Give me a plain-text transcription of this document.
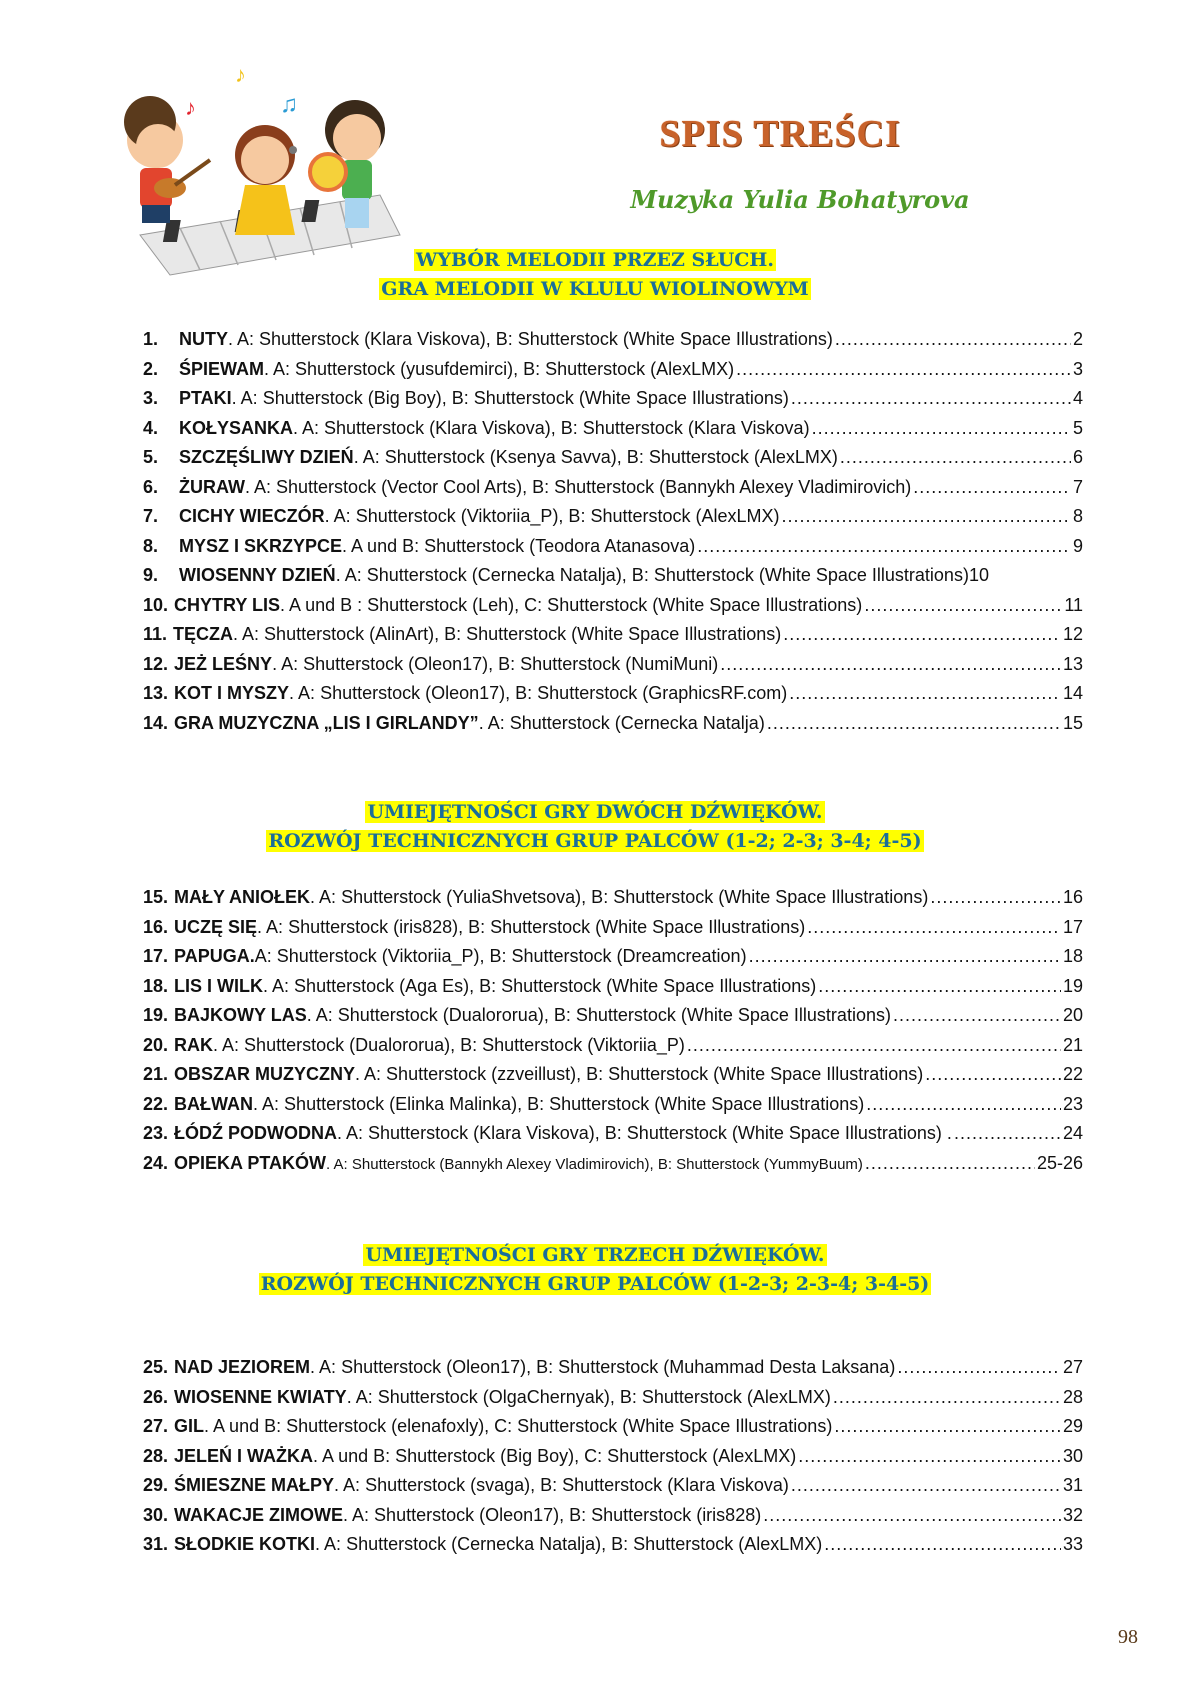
♪
♪	♫
SPIS TREŚCI
Muzyka Yulia Bohatyrova
WYBÓR MELODII PRZEZ SŁUCH.
GRA MELODII W KLULU WIOLINOWYM
1.	NUTY . A: Shutterstock (Klara Viskova), B: Shutterstock (White Space Illustrations) . . .	2
2.	ŚPIEWAM . A: Shutterstock (yusufdemirci), B: Shutterstock (AlexLMX) . . .	3
3.	PTAKI . A: Shutterstock (Big Boy), B: Shutterstock (White Space Illustrations) . . .	4
4.	KOŁYSANKA . A: Shutterstock (Klara Viskova), B: Shutterstock (Klara Viskova) . . .	5
5.	SZCZĘŚLIWY DZIEŃ . A: Shutterstock (Ksenya Savva), B: Shutterstock (AlexLMX) . . .	6
6.	ŻURAW . A: Shutterstock (Vector Cool Arts), B: Shutterstock (Bannykh Alexey Vladimirovich) . . .	7
7.	CICHY WIECZÓR . A: Shutterstock (Viktoriia_P), B: Shutterstock (AlexLMX) . . .	8
8.	MYSZ I SKRZYPCE . A und B: Shutterstock (Teodora Atanasova) . . .	9
9.	WIOSENNY DZIEŃ . A: Shutterstock (Cernecka Natalja), B: Shutterstock (White Space Illustrations) 10
10. CHYTRY LIS . A und B : Shutterstock (Leh), C: Shutterstock (White Space Illustrations) . . .	11
11. TĘCZA . A: Shutterstock (AlinArt), B: Shutterstock (White Space Illustrations) . . .	12
12. JEŻ LEŚNY . A: Shutterstock (Oleon17), B: Shutterstock (NumiMuni) . . .	13
13. KOT I MYSZY . A: Shutterstock (Oleon17), B: Shutterstock (GraphicsRF.com) . . .	14
14. GRA MUZYCZNA „LIS I GIRLANDY” . A: Shutterstock (Cernecka Natalja) . . .	15
UMIEJĘTNOŚCI GRY DWÓCH DŹWIĘKÓW.
ROZWÓJ TECHNICZNYCH GRUP PALCÓW (1-2; 2-3; 3-4; 4-5)
15. MAŁY ANIOŁEK . A: Shutterstock (YuliaShvetsova), B: Shutterstock (White Space Illustrations) . . .	16
16. UCZĘ SIĘ . A: Shutterstock (iris828), B: Shutterstock (White Space Illustrations) . . .	17
17. PAPUGA. A: Shutterstock (Viktoriia_P), B: Shutterstock (Dreamcreation) . . .	18
18. LIS I WILK . A: Shutterstock (Aga Es), B: Shutterstock (White Space Illustrations) . . .	19
19. BAJKOWY LAS . A: Shutterstock (Dualororua), B: Shutterstock (White Space Illustrations) . . .	20
20. RAK . A: Shutterstock (Dualororua), B: Shutterstock (Viktoriia_P) . . .	21
21. OBSZAR MUZYCZNY . A: Shutterstock (zzveillust), B: Shutterstock (White Space Illustrations) . . .	22
22. BAŁWAN . A: Shutterstock (Elinka Malinka), B: Shutterstock (White Space Illustrations) . . .	23
23. ŁÓDŹ PODWODNA . A: Shutterstock (Klara Viskova), B: Shutterstock (White Space Illustrations) . . . .	24
24. OPIEKA PTAKÓW . A: Shutterstock (Bannykh Alexey Vladimirovich), B: Shutterstock (YummyBuum) . . .	25-26
UMIEJĘTNOŚCI GRY TRZECH DŹWIĘKÓW.
ROZWÓJ TECHNICZNYCH GRUP PALCÓW (1-2-3; 2-3-4; 3-4-5)
25. NAD JEZIOREM . A: Shutterstock (Oleon17), B: Shutterstock (Muhammad Desta Laksana) . . .	27
26. WIOSENNE KWIATY . A: Shutterstock (OlgaChernyak), B: Shutterstock (AlexLMX) . . .	28
27. GIL . A und B: Shutterstock (elenafoxly), C: Shutterstock (White Space Illustrations) . . .	29
28. JELEŃ I WAŻKA . A und B: Shutterstock (Big Boy), C: Shutterstock (AlexLMX) . . .	30
29. ŚMIESZNE MAŁPY . A: Shutterstock (svaga), B: Shutterstock (Klara Viskova) . . .	31
30. WAKACJE ZIMOWE . A: Shutterstock (Oleon17), B: Shutterstock (iris828) . . .	32
31. SŁODKIE KOTKI . A: Shutterstock (Cernecka Natalja), B: Shutterstock (AlexLMX) . . .	33
98
